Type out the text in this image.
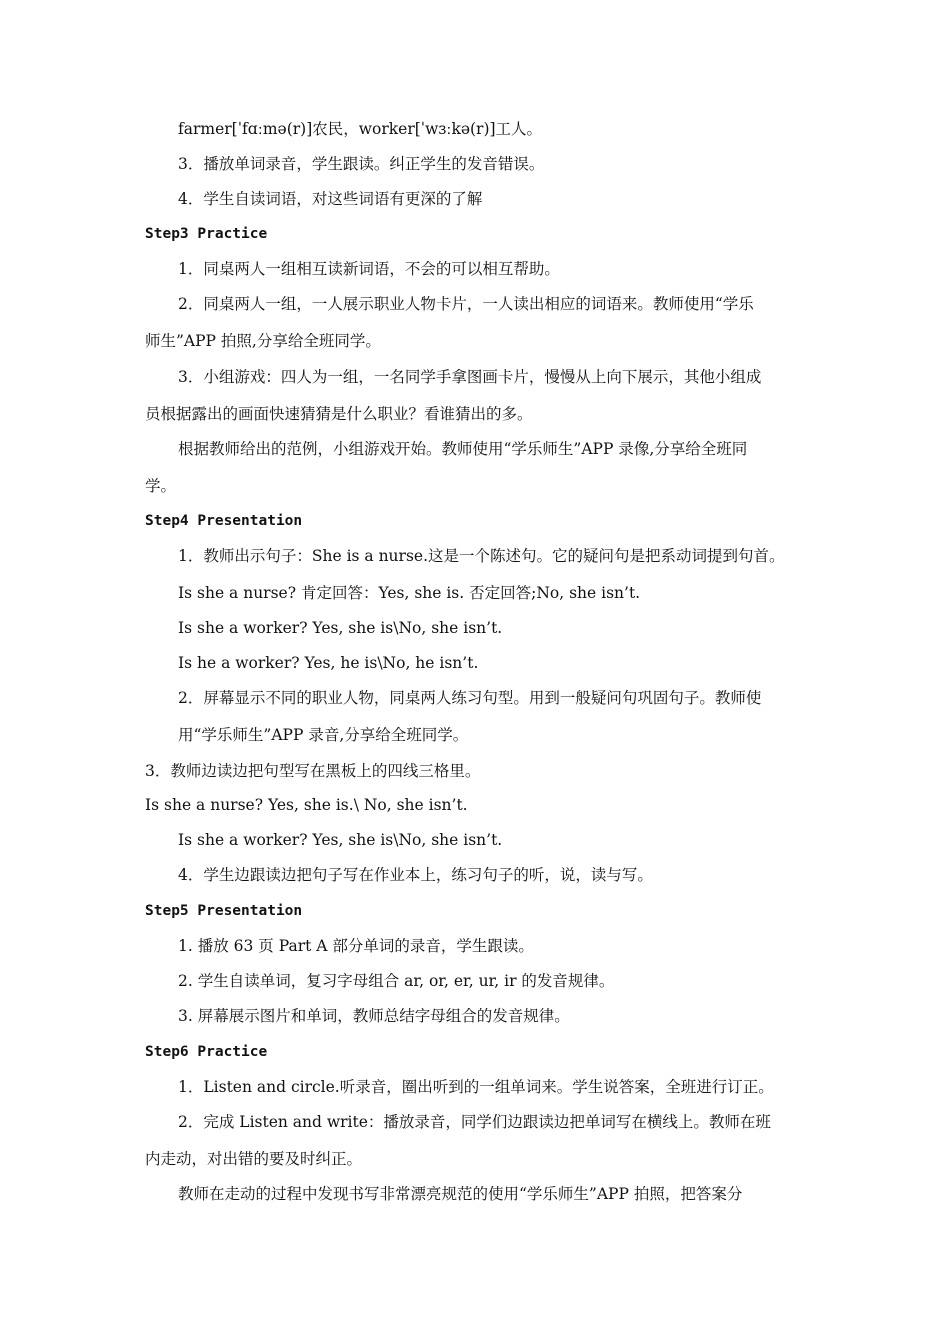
farmer[ˈfɑːmə(r)]农民，worker[ˈwɜːkə(r)]工人。
3．播放单词录音，学生跟读。纠正学生的发音错误。
4．学生自读词语，对这些词语有更深的了解
Step3 Practice
1．同桌两人一组相互读新词语，不会的可以相互帮助。
2．同桌两人一组，一人展示职业人物卡片，一人读出相应的词语来。教师使用“学乐
师生”APP 拍照,分享给全班同学。
3．小组游戏：四人为一组，一名同学手拿图画卡片，慢慢从上向下展示，其他小组成
员根据露出的画面快速猜猜是什么职业？看谁猜出的多。
根据教师给出的范例，小组游戏开始。教师使用“学乐师生”APP 录像,分享给全班同
学。
Step4 Presentation
1．教师出示句子：She is a nurse.这是一个陈述句。它的疑问句是把系动词提到句首。
Is she a nurse? 肯定回答：Yes, she is. 否定回答;No, she isn’t.
Is she a worker? Yes, she is\No, she isn’t.
Is he a worker? Yes, he is\No, he isn’t.
2．屏幕显示不同的职业人物，同桌两人练习句型。用到一般疑问句巩固句子。教师使
用“学乐师生”APP 录音,分享给全班同学。
3．教师边读边把句型写在黑板上的四线三格里。
Is she a nurse? Yes, she is.\ No, she isn’t.
Is she a worker? Yes, she is\No, she isn’t.
4．学生边跟读边把句子写在作业本上，练习句子的听，说，读与写。
Step5 Presentation
1. 播放 63 页 Part A 部分单词的录音，学生跟读。
2. 学生自读单词，复习字母组合 ar, or, er, ur, ir 的发音规律。
3. 屏幕展示图片和单词，教师总结字母组合的发音规律。
Step6 Practice
1．Listen and circle.听录音，圈出听到的一组单词来。学生说答案，全班进行订正。
2．完成 Listen and write：播放录音，同学们边跟读边把单词写在横线上。教师在班
内走动，对出错的要及时纠正。
教师在走动的过程中发现书写非常漂亮规范的使用“学乐师生”APP 拍照，把答案分
